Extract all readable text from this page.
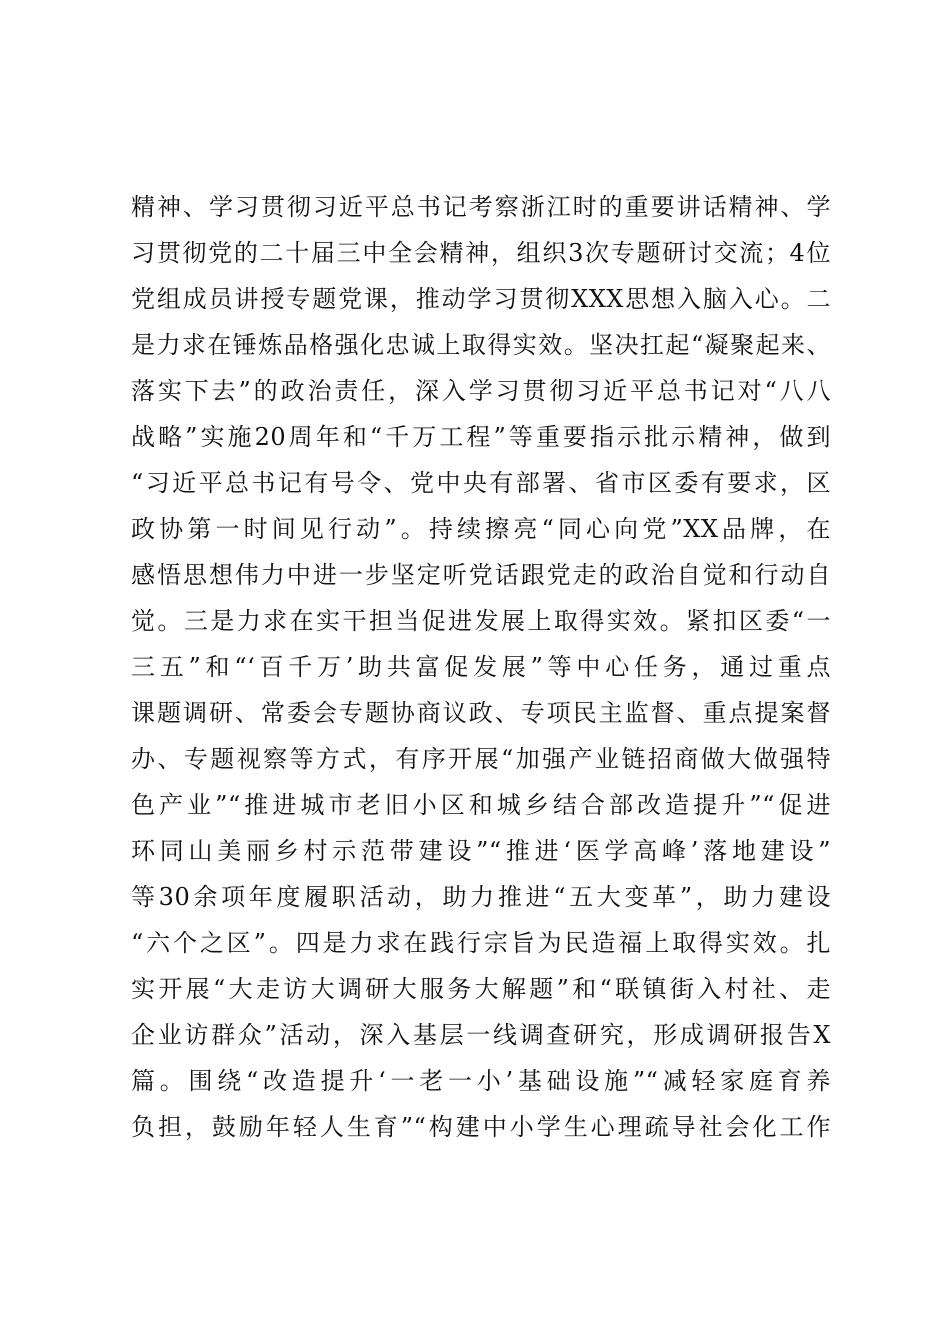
精神、学习贯彻习近平总书记考察浙江时的重要讲话精神、学
习贯彻党的二十届三中全会精神，组织3次专题研讨交流；4位
党组成员讲授专题党课，推动学习贯彻XXX思想入脑入心。二
是力求在锤炼品格强化忠诚上取得实效。坚决扛起“凝聚起来、
落实下去”的政治责任，深入学习贯彻习近平总书记对“八八
战略”实施20周年和“千万工程”等重要指示批示精神，做到
“习近平总书记有号令、党中央有部署、省市区委有要求，区
政协第一时间见行动”。持续擦亮“同心向党”XX品牌，在
感悟思想伟力中进一步坚定听党话跟党走的政治自觉和行动自
觉。三是力求在实干担当促进发展上取得实效。紧扣区委“一
三五”和“‘百千万’助共富促发展”等中心任务，通过重点
课题调研、常委会专题协商议政、专项民主监督、重点提案督
办、专题视察等方式，有序开展“加强产业链招商做大做强特
色产业”“推进城市老旧小区和城乡结合部改造提升”“促进
环同山美丽乡村示范带建设”“推进‘医学高峰’落地建设”
等30余项年度履职活动，助力推进“五大变革”，助力建设
“六个之区”。四是力求在践行宗旨为民造福上取得实效。扎
实开展“大走访大调研大服务大解题”和“联镇街入村社、走
企业访群众”活动，深入基层一线调查研究，形成调研报告X
篇。围绕“改造提升‘一老一小’基础设施”“减轻家庭育养
负担，鼓励年轻人生育”“构建中小学生心理疏导社会化工作
